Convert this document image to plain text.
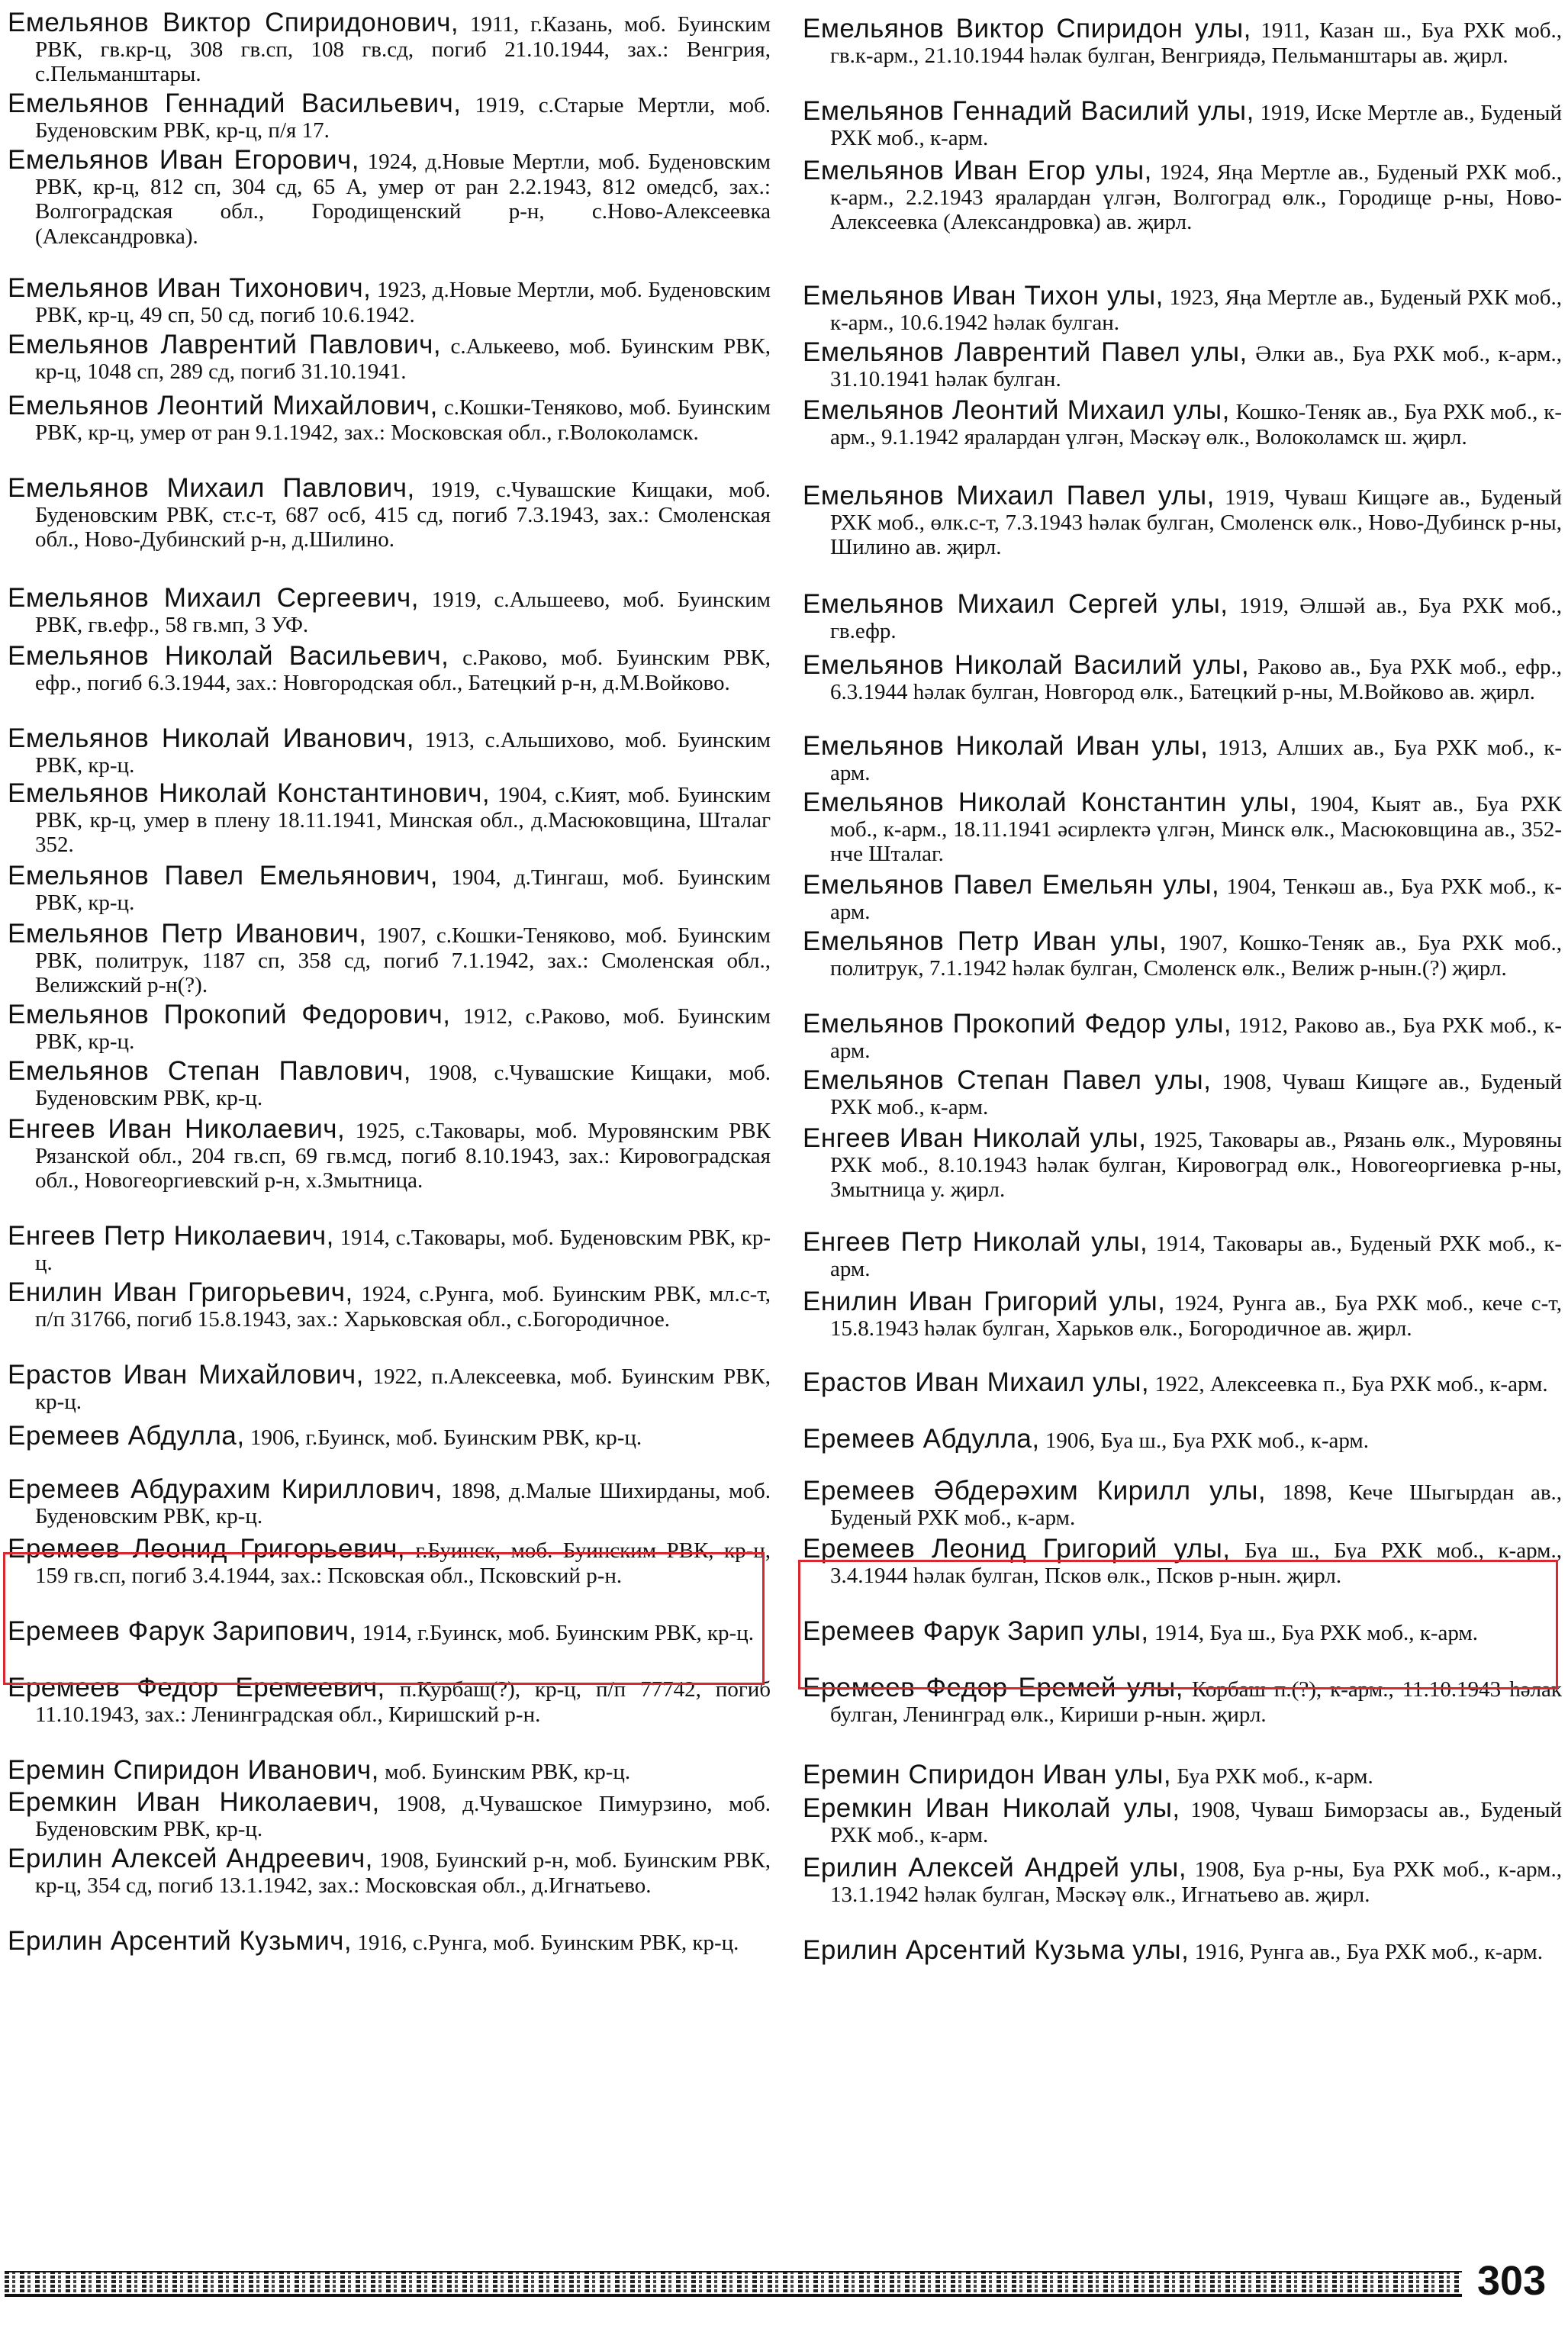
Емельянов Виктор Спиридонович, 1911, г.Казань, моб. Буинским РВК, гв.кр-ц, 308 гв.сп, 108 гв.сд, погиб 21.10.1944, зах.: Венгрия, с.Пельманштары.
Емельянов Геннадий Васильевич, 1919, с.Старые Мертли, моб. Буденовским РВК, кр-ц, п/я 17.
Емельянов Иван Егорович, 1924, д.Новые Мертли, моб. Буденовским РВК, кр-ц, 812 сп, 304 сд, 65 А, умер от ран 2.2.1943, 812 омедсб, зах.: Волгоградская обл., Городищенский р-н, с.Ново-Алексеевка (Александровка).
Емельянов Иван Тихонович, 1923, д.Новые Мертли, моб. Буденовским РВК, кр-ц, 49 сп, 50 сд, погиб 10.6.1942.
Емельянов Лаврентий Павлович, с.Алькеево, моб. Буинским РВК, кр-ц, 1048 сп, 289 сд, погиб 31.10.1941.
Емельянов Леонтий Михайлович, с.Кошки-Теняково, моб. Буинским РВК, кр-ц, умер от ран 9.1.1942, зах.: Московская обл., г.Волоколамск.
Емельянов Михаил Павлович, 1919, с.Чувашские Кищаки, моб. Буденовским РВК, ст.с-т, 687 осб, 415 сд, погиб 7.3.1943, зах.: Смоленская обл., Ново-Дубинский р-н, д.Шилино.
Емельянов Михаил Сергеевич, 1919, с.Альшеево, моб. Буинским РВК, гв.ефр., 58 гв.мп, 3 УФ.
Емельянов Николай Васильевич, с.Раково, моб. Буинским РВК, ефр., погиб 6.3.1944, зах.: Новгородская обл., Батецкий р-н, д.М.Войково.
Емельянов Николай Иванович, 1913, с.Альшихово, моб. Буинским РВК, кр-ц.
Емельянов Николай Константинович, 1904, с.Кият, моб. Буинским РВК, кр-ц, умер в плену 18.11.1941, Минская обл., д.Масюковщина, Шталаг 352.
Емельянов Павел Емельянович, 1904, д.Тингаш, моб. Буинским РВК, кр-ц.
Емельянов Петр Иванович, 1907, с.Кошки-Теняково, моб. Буинским РВК, политрук, 1187 сп, 358 сд, погиб 7.1.1942, зах.: Смоленская обл., Велижский р-н(?).
Емельянов Прокопий Федорович, 1912, с.Раково, моб. Буинским РВК, кр-ц.
Емельянов Степан Павлович, 1908, с.Чувашские Кищаки, моб. Буденовским РВК, кр-ц.
Енгеев Иван Николаевич, 1925, с.Таковары, моб. Муровянским РВК Рязанской обл., 204 гв.сп, 69 гв.мсд, погиб 8.10.1943, зах.: Кировоградская обл., Новогеоргиевский р-н, х.Змытница.
Енгеев Петр Николаевич, 1914, с.Таковары, моб. Буденовским РВК, кр-ц.
Енилин Иван Григорьевич, 1924, с.Рунга, моб. Буинским РВК, мл.с-т, п/п 31766, погиб 15.8.1943, зах.: Харьковская обл., с.Богородичное.
Ерастов Иван Михайлович, 1922, п.Алексеевка, моб. Буинским РВК, кр-ц.
Еремеев Абдулла, 1906, г.Буинск, моб. Буинским РВК, кр-ц.
Еремеев Абдурахим Кириллович, 1898, д.Малые Шихирданы, моб. Буденовским РВК, кр-ц.
Еремеев Леонид Григорьевич, г.Буинск, моб. Буинским РВК, кр-ц, 159 гв.сп, погиб 3.4.1944, зах.: Псковская обл., Псковский р-н.
Еремеев Фарук Зарипович, 1914, г.Буинск, моб. Буинским РВК, кр-ц.
Еремеев Федор Еремеевич, п.Курбаш(?), кр-ц, п/п 77742, погиб 11.10.1943, зах.: Ленинградская обл., Киришский р-н.
Еремин Спиридон Иванович, моб. Буинским РВК, кр-ц.
Еремкин Иван Николаевич, 1908, д.Чувашское Пимурзино, моб. Буденовским РВК, кр-ц.
Ерилин Алексей Андреевич, 1908, Буинский р-н, моб. Буинским РВК, кр-ц, 354 сд, погиб 13.1.1942, зах.: Московская обл., д.Игнатьево.
Ерилин Арсентий Кузьмич, 1916, с.Рунга, моб. Буинским РВК, кр-ц.
Емельянов Виктор Спиридон улы, 1911, Казан ш., Буа РХК моб., гв.к-арм., 21.10.1944 һәлак булган, Венгриядә, Пельманштары ав. җирл.
Емельянов Геннадий Василий улы, 1919, Иске Мертле ав., Буденый РХК моб., к-арм.
Емельянов Иван Егор улы, 1924, Яңа Мертле ав., Буденый РХК моб., к-арм., 2.2.1943 яралардан үлгән, Волгоград өлк., Городище р-ны, Ново-Алексеевка (Александровка) ав. җирл.
Емельянов Иван Тихон улы, 1923, Яңа Мертле ав., Буденый РХК моб., к-арм., 10.6.1942 һәлак булган.
Емельянов Лаврентий Павел улы, Әлки ав., Буа РХК моб., к-арм., 31.10.1941 һәлак булган.
Емельянов Леонтий Михаил улы, Кошко-Теняк ав., Буа РХК моб., к-арм., 9.1.1942 яралардан үлгән, Мәскәү өлк., Волоколамск ш. җирл.
Емельянов Михаил Павел улы, 1919, Чуваш Кищәге ав., Буденый РХК моб., өлк.с-т, 7.3.1943 һәлак булган, Смоленск өлк., Ново-Дубинск р-ны, Шилино ав. җирл.
Емельянов Михаил Сергей улы, 1919, Әлшәй ав., Буа РХК моб., гв.ефр.
Емельянов Николай Василий улы, Раково ав., Буа РХК моб., ефр., 6.3.1944 һәлак булган, Новгород өлк., Батецкий р-ны, М.Войково ав. җирл.
Емельянов Николай Иван улы, 1913, Алших ав., Буа РХК моб., к-арм.
Емельянов Николай Константин улы, 1904, Кыят ав., Буа РХК моб., к-арм., 18.11.1941 әсирлектә үлгән, Минск өлк., Масюковщина ав., 352-нче Шталаг.
Емельянов Павел Емельян улы, 1904, Тенкәш ав., Буа РХК моб., к-арм.
Емельянов Петр Иван улы, 1907, Кошко-Теняк ав., Буа РХК моб., политрук, 7.1.1942 һәлак булган, Смоленск өлк., Велиж р-нын.(?) җирл.
Емельянов Прокопий Федор улы, 1912, Раково ав., Буа РХК моб., к-арм.
Емельянов Степан Павел улы, 1908, Чуваш Кищәге ав., Буденый РХК моб., к-арм.
Енгеев Иван Николай улы, 1925, Таковары ав., Рязань өлк., Муровяны РХК моб., 8.10.1943 һәлак булган, Кировоград өлк., Новогеоргиевка р-ны, Змытница у. җирл.
Енгеев Петр Николай улы, 1914, Таковары ав., Буденый РХК моб., к-арм.
Енилин Иван Григорий улы, 1924, Рунга ав., Буа РХК моб., кече с-т, 15.8.1943 һәлак булган, Харьков өлк., Богородичное ав. җирл.
Ерастов Иван Михаил улы, 1922, Алексеевка п., Буа РХК моб., к-арм.
Еремеев Абдулла, 1906, Буа ш., Буа РХК моб., к-арм.
Еремеев Әбдерәхим Кирилл улы, 1898, Кече Шыгырдан ав., Буденый РХК моб., к-арм.
Еремеев Леонид Григорий улы, Буа ш., Буа РХК моб., к-арм., 3.4.1944 һәлак булган, Псков өлк., Псков р-нын. җирл.
Еремеев Фарук Зарип улы, 1914, Буа ш., Буа РХК моб., к-арм.
Еремеев Федор Еремей улы, Корбаш п.(?), к-арм., 11.10.1943 һәлак булган, Ленинград өлк., Кириши р-нын. җирл.
Еремин Спиридон Иван улы, Буа РХК моб., к-арм.
Еремкин Иван Николай улы, 1908, Чуваш Биморзасы ав., Буденый РХК моб., к-арм.
Ерилин Алексей Андрей улы, 1908, Буа р-ны, Буа РХК моб., к-арм., 13.1.1942 һәлак булган, Мәскәү өлк., Игнатьево ав. җирл.
Ерилин Арсентий Кузьма улы, 1916, Рунга ав., Буа РХК моб., к-арм.
303
